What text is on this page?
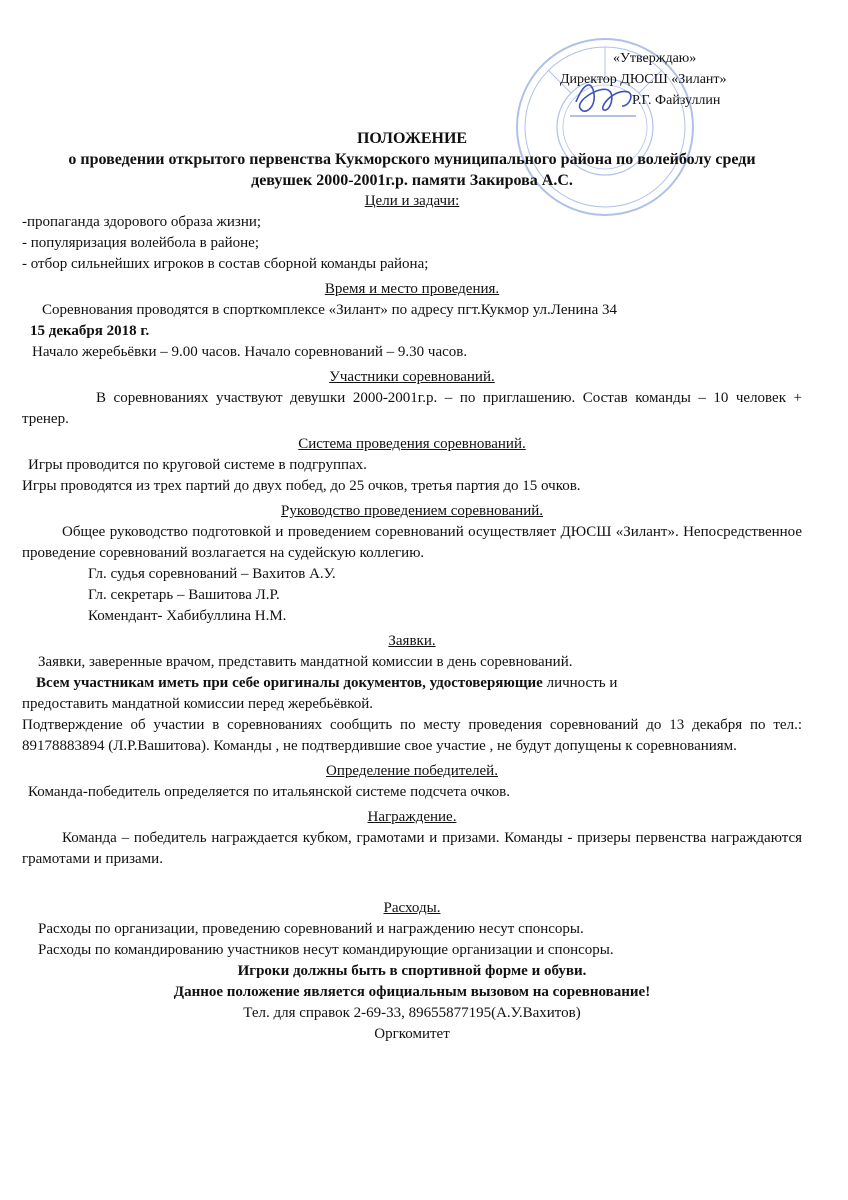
«Утверждаю»
Директор ДЮСШ «Зилант»
Р.Г. Файзуллин

ПОЛОЖЕНИЕ

о проведении открытого первенства Кукморского муниципального района по волейболу среди

девушек 2000-2001г.р. памяти Закирова А.С.

Цели и задачи:

-пропаганда здорового образа жизни;

- популяризация волейбола в районе;

- отбор сильнейших игроков в состав сборной команды района;

Время и место проведения.

Соревнования проводятся в спорткомплексе «Зилант» по адресу пгт.Кукмор ул.Ленина 34

15 декабря 2018 г.

Начало жеребьёвки – 9.00 часов. Начало соревнований – 9.30 часов.

Участники соревнований.

В соревнованиях участвуют девушки 2000-2001г.р. – по приглашению. Состав команды – 10 человек + тренер.

Система проведения соревнований.

Игры проводится по круговой системе в подгруппах.

Игры проводятся из трех партий до двух побед, до 25 очков, третья партия до 15 очков.

Руководство проведением соревнований.

Общее руководство подготовкой и проведением соревнований осуществляет ДЮСШ «Зилант». Непосредственное проведение соревнований возлагается на судейскую коллегию.

Гл. судья соревнований – Вахитов А.У.

Гл. секретарь – Вашитова Л.Р.

Комендант- Хабибуллина Н.М.

Заявки.

Заявки, заверенные врачом, представить мандатной комиссии в день соревнований.

Всем участникам иметь при себе оригиналы документов, удостоверяющие личность и

предоставить мандатной комиссии перед жеребьёвкой.

Подтверждение об участии в соревнованиях сообщить по месту проведения соревнований до 13 декабря по тел.: 89178883894 (Л.Р.Вашитова). Команды , не подтвердившие свое участие , не будут допущены к соревнованиям.

Определение победителей.

Команда-победитель определяется по итальянской системе подсчета очков.

Награждение.

Команда – победитель награждается кубком, грамотами и призами. Команды - призеры первенства награждаются грамотами и призами.

Расходы.

Расходы по организации, проведению соревнований и награждению несут спонсоры.

Расходы по командированию участников несут командирующие организации и спонсоры.

Игроки должны быть в спортивной форме и обуви.

Данное положение является официальным вызовом на соревнование!

Тел. для справок 2-69-33, 89655877195(А.У.Вахитов)

Оргкомитет
